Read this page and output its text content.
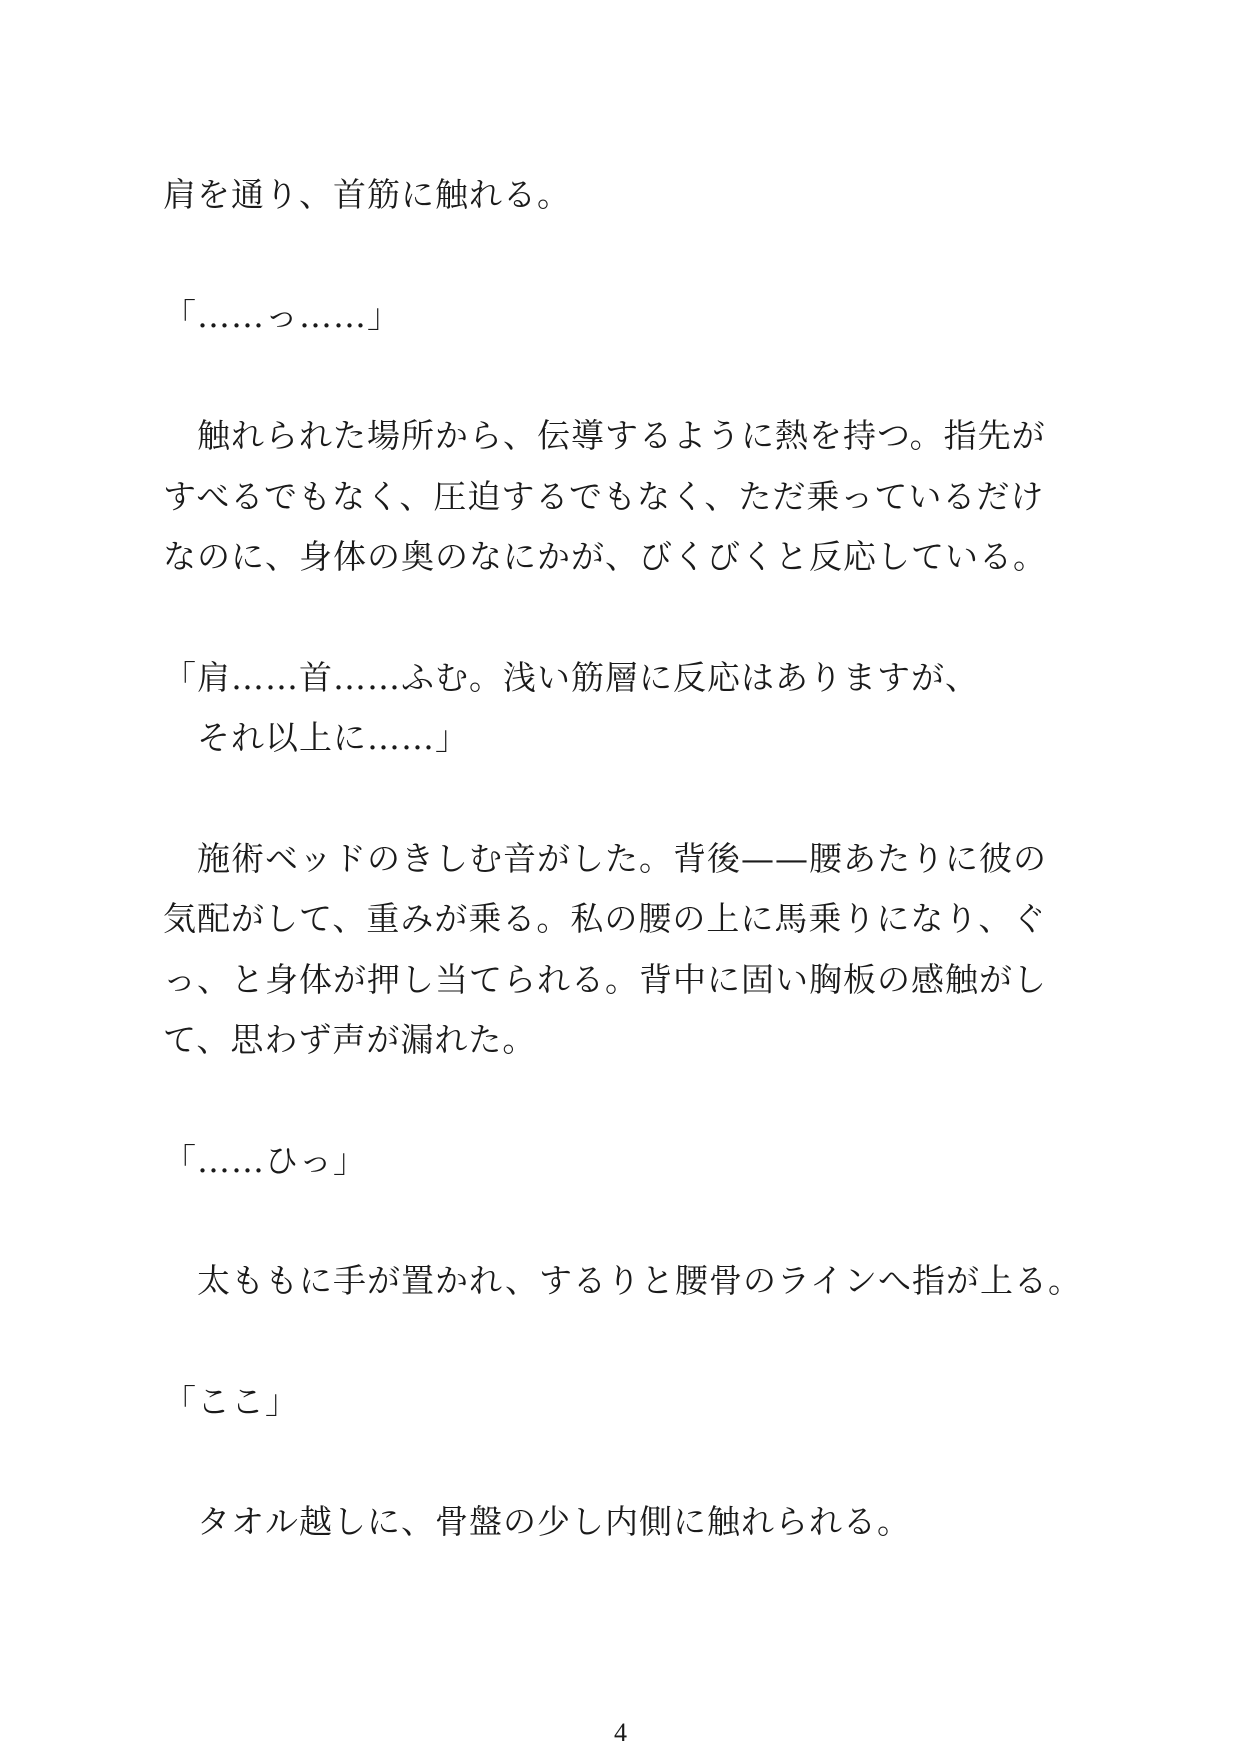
肩を通り、首筋に触れる。
「……っ……」
　触れられた場所から、伝導するように熱を持つ。指先が
すべるでもなく、圧迫するでもなく、ただ乗っているだけ
なのに、身体の奥のなにかが、びくびくと反応している。
「肩……首……ふむ。浅い筋層に反応はありますが、
　それ以上に……」
　施術ベッドのきしむ音がした。背後——腰あたりに彼の
気配がして、重みが乗る。私の腰の上に馬乗りになり、ぐ
っ、と身体が押し当てられる。背中に固い胸板の感触がし
て、思わず声が漏れた。
「……ひっ」
　太ももに手が置かれ、するりと腰骨のラインへ指が上る。
「ここ」
　タオル越しに、骨盤の少し内側に触れられる。
4
